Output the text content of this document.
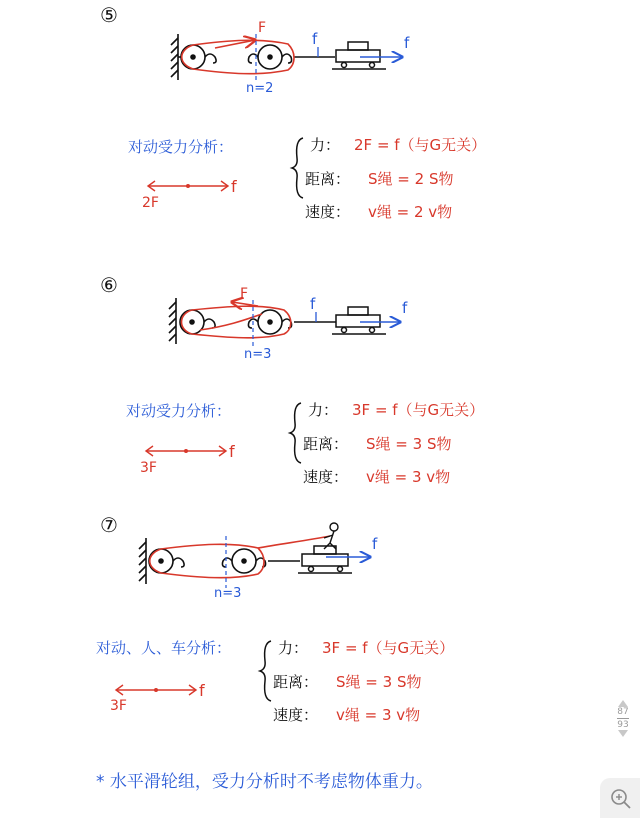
⑤
F
n=2
f	f
对动受力分析：
2F
f
力： 2F = f（与G无关）
距离： S绳 = 2 S物
速度： v绳 = 2 v物
⑥	F
n=3
f	f
对动受力分析：
3F
f
力： 3F = f（与G无关）
距离： S绳 = 3 S物
速度： v绳 = 3 v物
⑦
n=3
f
对动、人、车分析：
3F
f
力： 3F = f（与G无关）
距离： S绳 = 3 S物
速度： v绳 = 3 v物
* 水平滑轮组，受力分析时不考虑物体重力。
87
93
